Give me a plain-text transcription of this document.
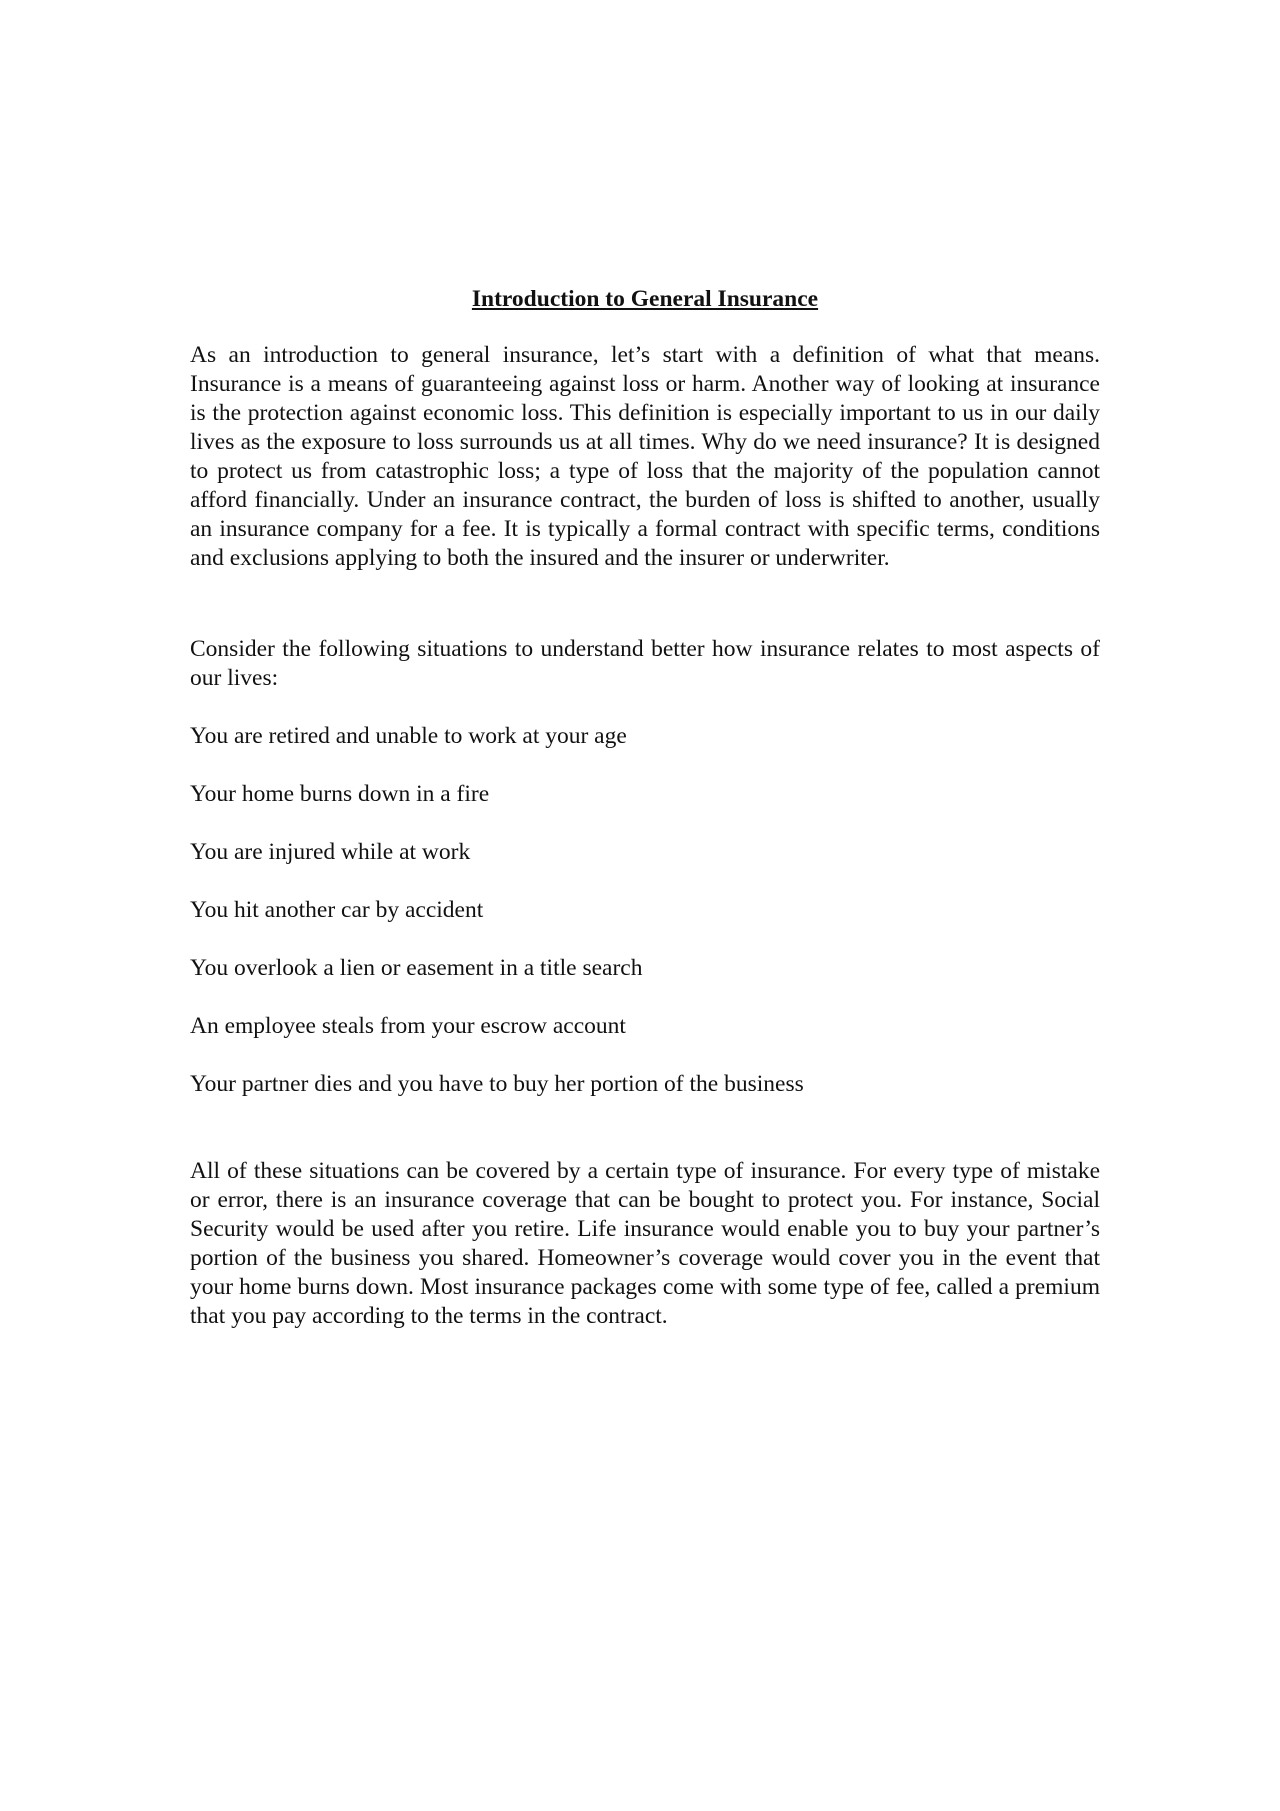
Introduction to General Insurance

As an introduction to general insurance, let’s start with a definition of what that means. Insurance is a means of guaranteeing against loss or harm. Another way of looking at insurance is the protection against economic loss. This definition is especially important to us in our daily lives as the exposure to loss surrounds us at all times. Why do we need insurance? It is designed to protect us from catastrophic loss; a type of loss that the majority of the population cannot afford financially. Under an insurance contract, the burden of loss is shifted to another, usually an insurance company for a fee. It is typically a formal contract with specific terms, conditions and exclusions applying to both the insured and the insurer or underwriter.

Consider the following situations to understand better how insurance relates to most aspects of our lives:

You are retired and unable to work at your age
Your home burns down in a fire
You are injured while at work
You hit another car by accident
You overlook a lien or easement in a title search
An employee steals from your escrow account
Your partner dies and you have to buy her portion of the business

All of these situations can be covered by a certain type of insurance. For every type of mistake or error, there is an insurance coverage that can be bought to protect you. For instance, Social Security would be used after you retire. Life insurance would enable you to buy your partner’s portion of the business you shared. Homeowner’s coverage would cover you in the event that your home burns down. Most insurance packages come with some type of fee, called a premium that you pay according to the terms in the contract.
